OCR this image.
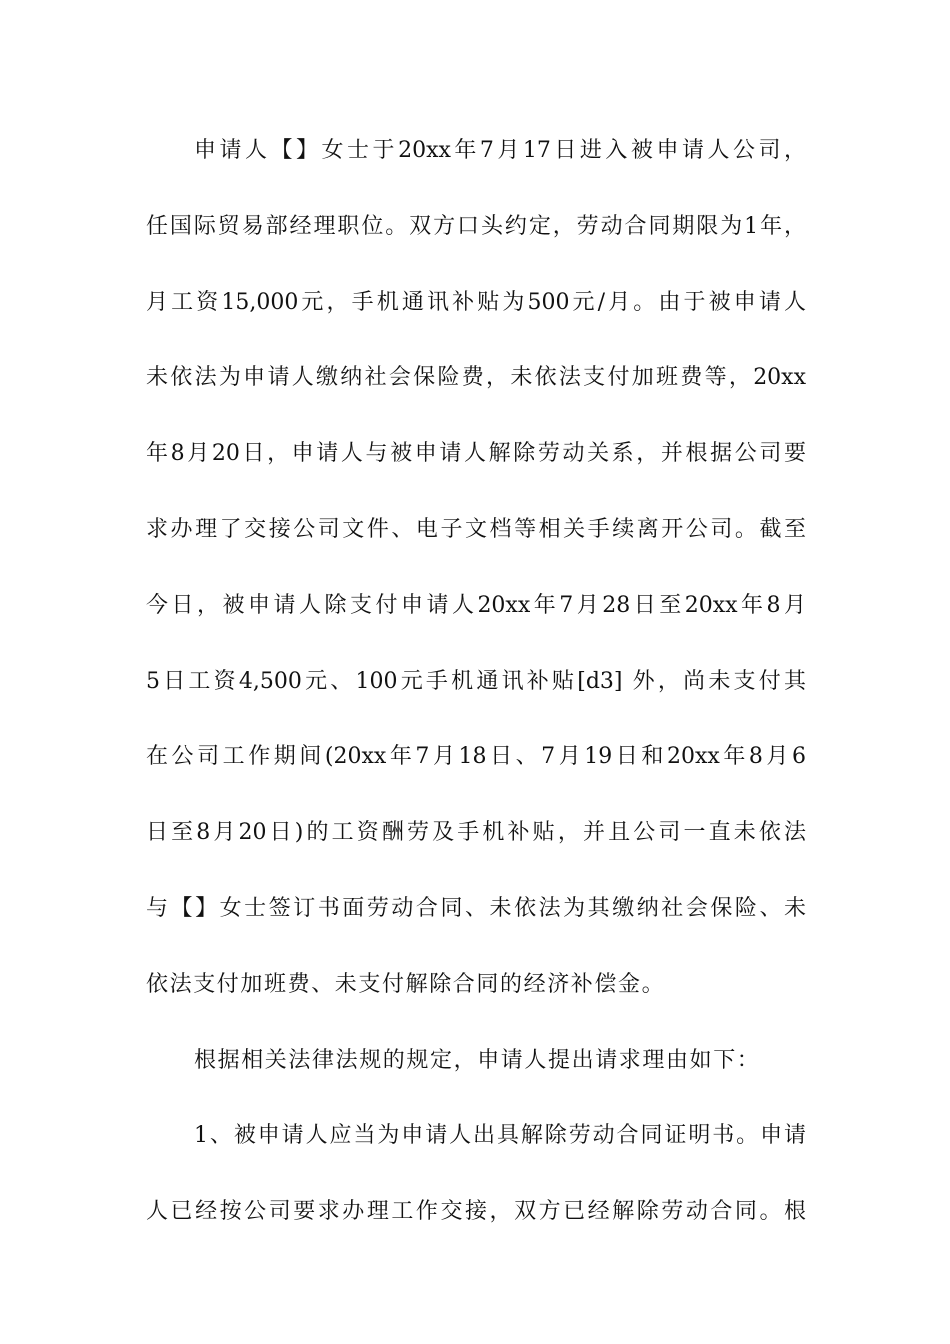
申请人【】女士于20xx年7月17日进入被申请人公司，
任国际贸易部经理职位。双方口头约定，劳动合同期限为1年，
月工资15,000元，手机通讯补贴为500元/月。由于被申请人
未依法为申请人缴纳社会保险费，未依法支付加班费等，20xx
年8月20日，申请人与被申请人解除劳动关系，并根据公司要
求办理了交接公司文件、电子文档等相关手续离开公司。截至
今日，被申请人除支付申请人20xx年7月28日至20xx年8月
5日工资4,500元、100元手机通讯补贴[d3] 外，尚未支付其
在公司工作期间(20xx年7月18日、7月19日和20xx年8月6
日至8月20日)的工资酬劳及手机补贴，并且公司一直未依法
与【】女士签订书面劳动合同、未依法为其缴纳社会保险、未
依法支付加班费、未支付解除合同的经济补偿金。
根据相关法律法规的规定，申请人提出请求理由如下：
1、被申请人应当为申请人出具解除劳动合同证明书。申请
人已经按公司要求办理工作交接，双方已经解除劳动合同。根
